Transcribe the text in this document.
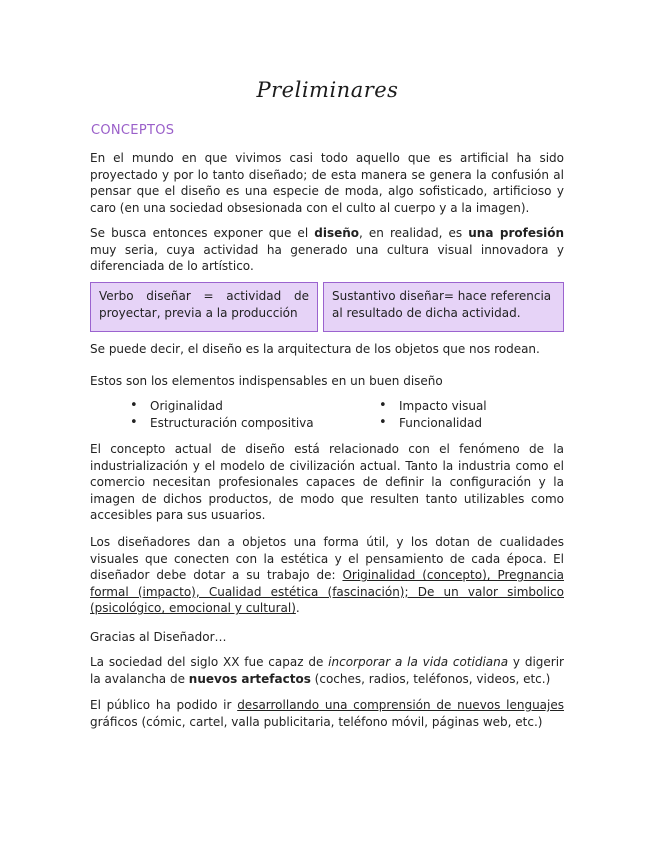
Preliminares
CONCEPTOS
En el mundo en que vivimos casi todo aquello que es artificial ha sido proyectado y por lo tanto diseñado; de esta manera se genera la confusión al pensar que el diseño es una especie de moda, algo sofisticado, artificioso y caro (en una sociedad obsesionada con el culto al cuerpo y a la imagen).
Se busca entonces exponer que el diseño, en realidad, es una profesión muy seria, cuya actividad ha generado una cultura visual innovadora y diferenciada de lo artístico.
Verbo diseñar = actividad de proyectar, previa a la producción
Sustantivo diseñar= hace referencia al resultado de dicha actividad.
Se puede decir, el diseño es la arquitectura de los objetos que nos rodean.
Estos son los elementos indispensables en un buen diseño
• Originalidad
• Estructuración compositiva
• Impacto visual
• Funcionalidad
El concepto actual de diseño está relacionado con el fenómeno de la industrialización y el modelo de civilización actual. Tanto la industria como el comercio necesitan profesionales capaces de definir la configuración y la imagen de dichos productos, de modo que resulten tanto utilizables como accesibles para sus usuarios.
Los diseñadores dan a objetos una forma útil, y los dotan de cualidades visuales que conecten con la estética y el pensamiento de cada época. El diseñador debe dotar a su trabajo de: Originalidad (concepto), Pregnancia formal (impacto), Cualidad estética (fascinación); De un valor simbolico (psicológico, emocional y cultural).
Gracias al Diseñador…
La sociedad del siglo XX fue capaz de incorporar a la vida cotidiana y digerir la avalancha de nuevos artefactos (coches, radios, teléfonos, videos, etc.)
El público ha podido ir desarrollando una comprensión de nuevos lenguajes gráficos (cómic, cartel, valla publicitaria, teléfono móvil, páginas web, etc.)
